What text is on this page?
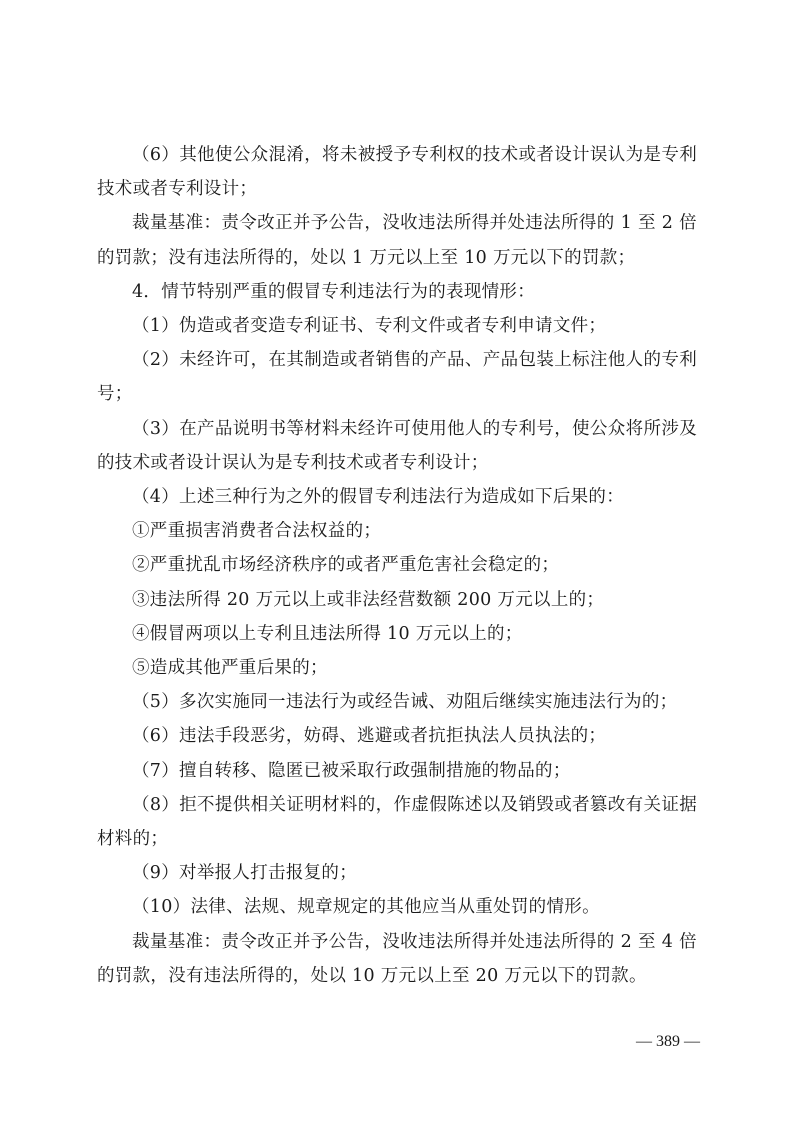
（6）其他使公众混淆，将未被授予专利权的技术或者设计误认为是专利技术或者专利设计；

裁量基准：责令改正并予公告，没收违法所得并处违法所得的 1 至 2 倍的罚款；没有违法所得的，处以 1 万元以上至 10 万元以下的罚款；

4．情节特别严重的假冒专利违法行为的表现情形：

（1）伪造或者变造专利证书、专利文件或者专利申请文件；

（2）未经许可，在其制造或者销售的产品、产品包装上标注他人的专利号；

（3）在产品说明书等材料未经许可使用他人的专利号，使公众将所涉及的技术或者设计误认为是专利技术或者专利设计；

（4）上述三种行为之外的假冒专利违法行为造成如下后果的：

①严重损害消费者合法权益的；

②严重扰乱市场经济秩序的或者严重危害社会稳定的；

③违法所得 20 万元以上或非法经营数额 200 万元以上的；

④假冒两项以上专利且违法所得 10 万元以上的；

⑤造成其他严重后果的；

（5）多次实施同一违法行为或经告诫、劝阻后继续实施违法行为的；

（6）违法手段恶劣，妨碍、逃避或者抗拒执法人员执法的；

（7）擅自转移、隐匿已被采取行政强制措施的物品的；

（8）拒不提供相关证明材料的，作虚假陈述以及销毁或者篡改有关证据材料的；

（9）对举报人打击报复的；

（10）法律、法规、规章规定的其他应当从重处罚的情形。

裁量基准：责令改正并予公告，没收违法所得并处违法所得的 2 至 4 倍的罚款，没有违法所得的，处以 10 万元以上至 20 万元以下的罚款。

— 389 —
